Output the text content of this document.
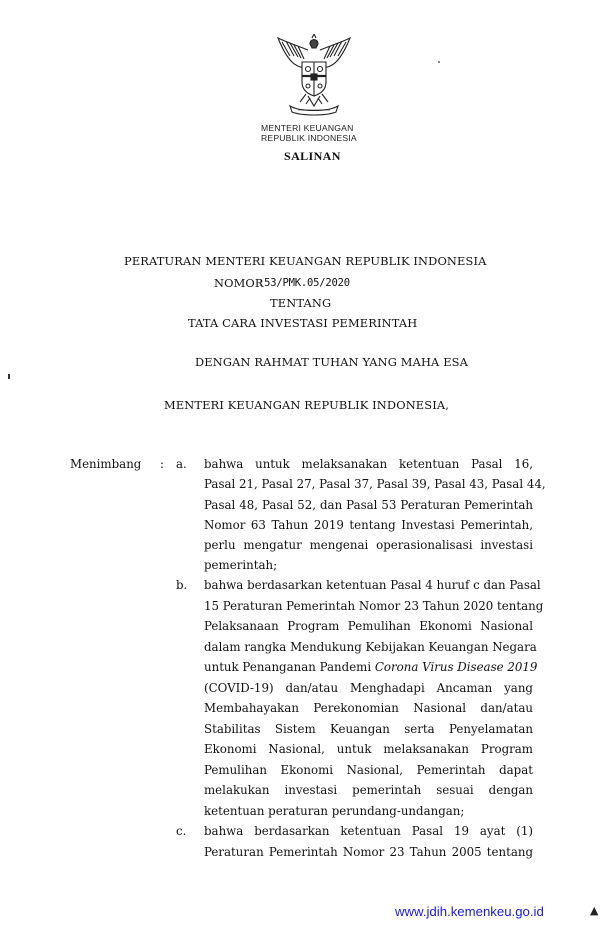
MENTERI KEUANGAN
REPUBLIK INDONESIA
SALINAN
PERATURAN MENTERI KEUANGAN REPUBLIK INDONESIA
NOMOR
:53/PMK.05/2020
TENTANG
TATA CARA INVESTASI PEMERINTAH
DENGAN RAHMAT TUHAN YANG MAHA ESA
MENTERI KEUANGAN REPUBLIK INDONESIA,
Menimbang : a. bahwa untuk melaksanakan ketentuan Pasal 16,
Pasal 21, Pasal 27, Pasal 37, Pasal 39, Pasal 43, Pasal 44,
Pasal 48, Pasal 52, dan Pasal 53 Peraturan Pemerintah
Nomor 63 Tahun 2019 tentang Investasi Pemerintah,
perlu mengatur mengenai operasionalisasi investasi
pemerintah;
b. bahwa berdasarkan ketentuan Pasal 4 huruf c dan Pasal
15 Peraturan Pemerintah Nomor 23 Tahun 2020 tentang
Pelaksanaan Program Pemulihan Ekonomi Nasional
dalam rangka Mendukung Kebijakan Keuangan Negara
untuk Penanganan Pandemi Corona Virus Disease 2019
(COVID-19) dan/atau Menghadapi Ancaman yang
Membahayakan Perekonomian Nasional dan/atau
Stabilitas Sistem Keuangan serta Penyelamatan
Ekonomi Nasional, untuk melaksanakan Program
Pemulihan Ekonomi Nasional, Pemerintah dapat
melakukan investasi pemerintah sesuai dengan
ketentuan peraturan perundang-undangan;
c. bahwa berdasarkan ketentuan Pasal 19 ayat (1)
Peraturan Pemerintah Nomor 23 Tahun 2005 tentang
www.jdih.kemenkeu.go.id	▲
